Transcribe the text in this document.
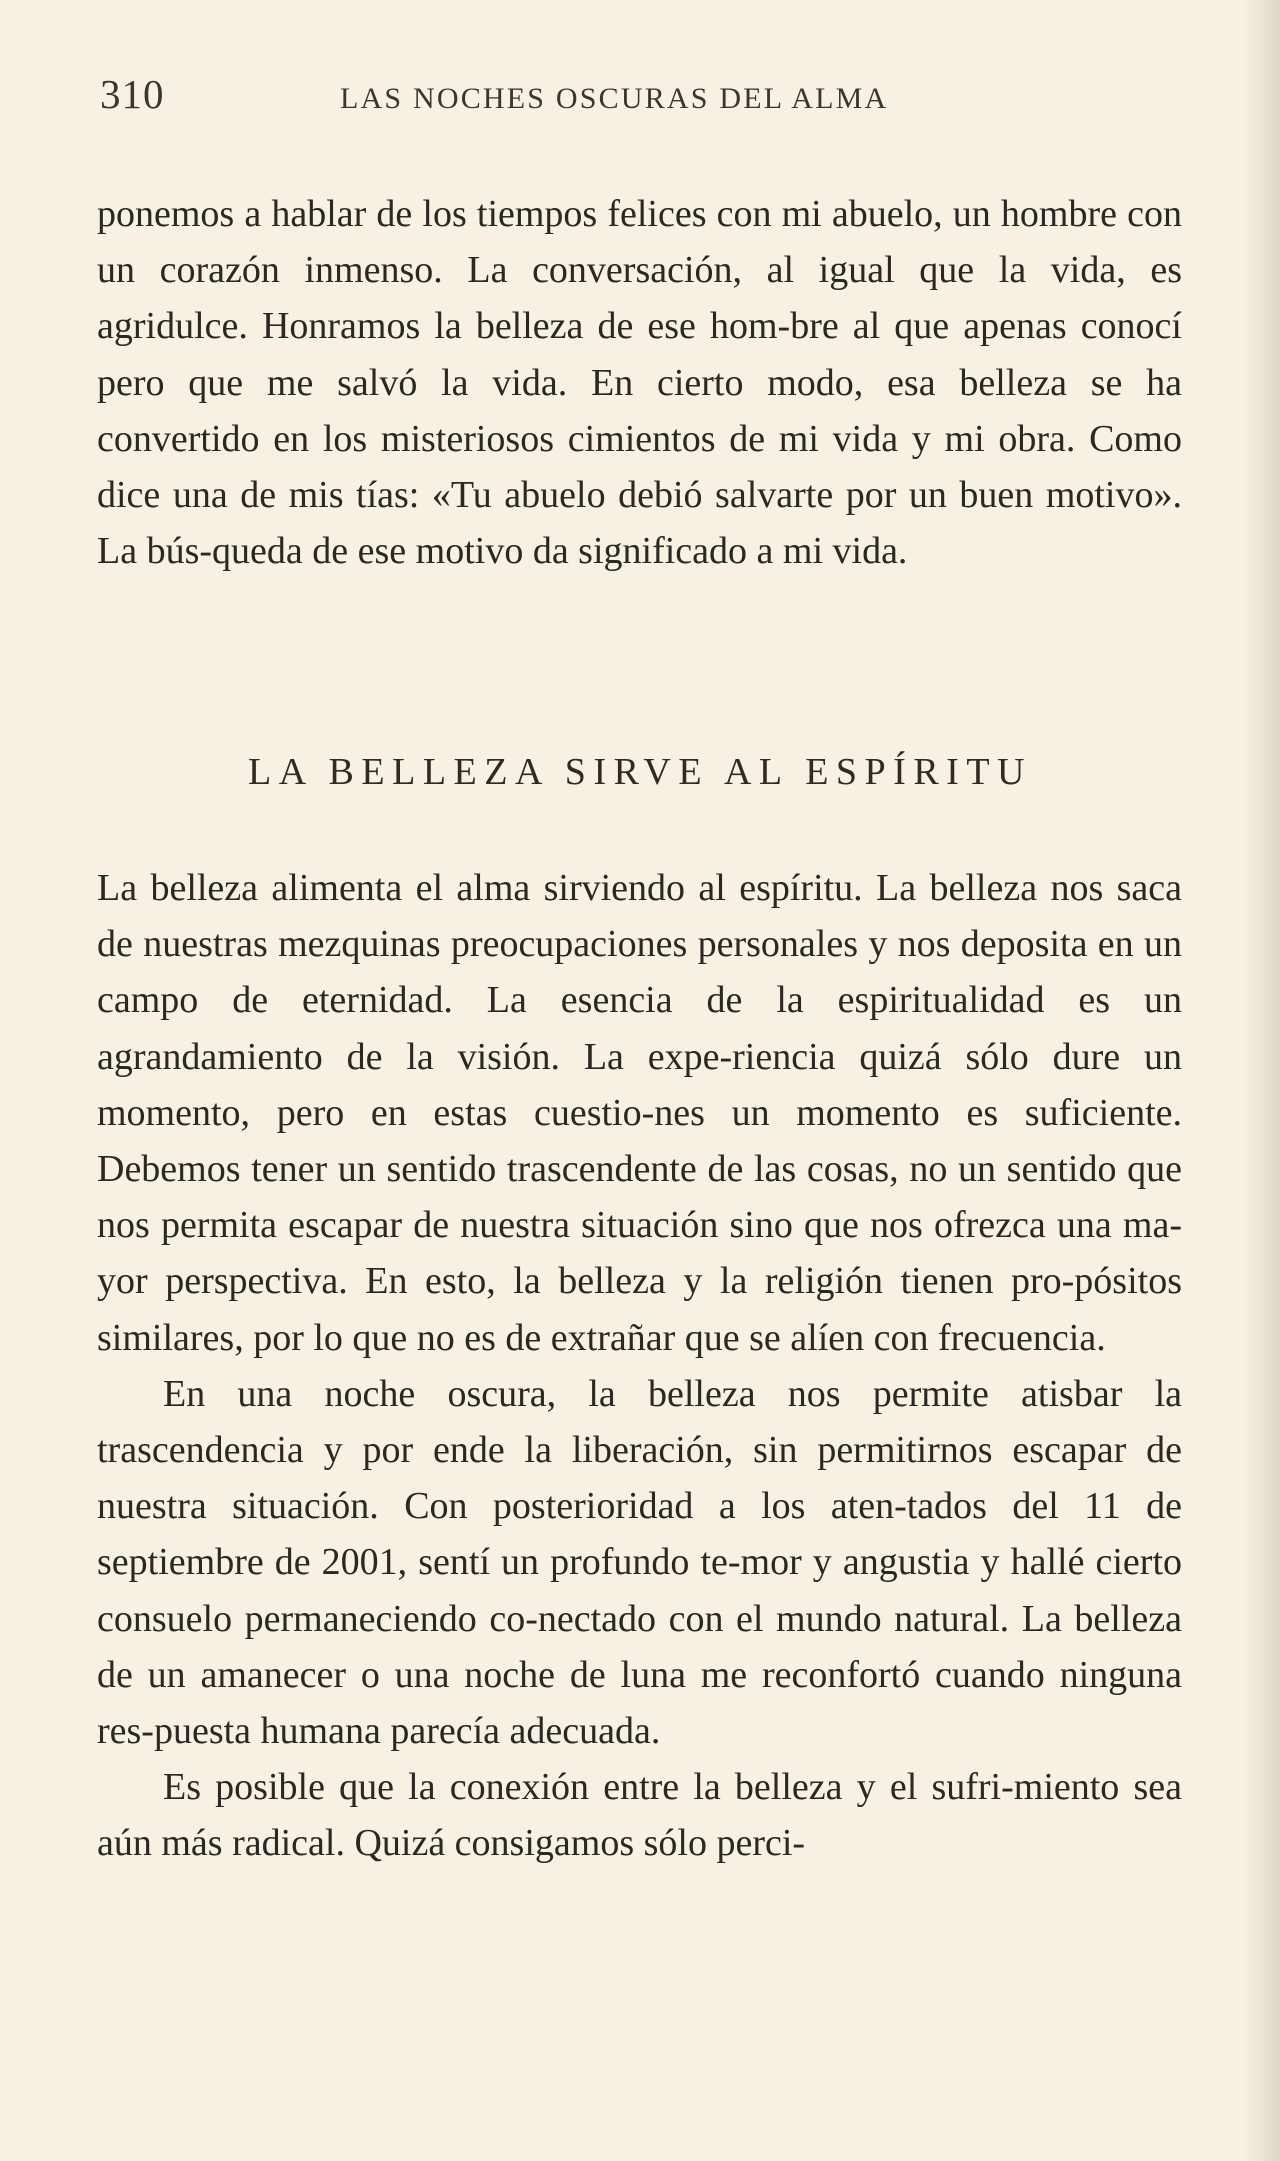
310	LAS NOCHES OSCURAS DEL ALMA

ponemos a hablar de los tiempos felices con mi abuelo, un hombre con un corazón inmenso. La conversación, al igual que la vida, es agridulce. Honramos la belleza de ese hom-bre al que apenas conocí pero que me salvó la vida. En cierto modo, esa belleza se ha convertido en los misteriosos cimientos de mi vida y mi obra. Como dice una de mis tías: «Tu abuelo debió salvarte por un buen motivo». La bús-queda de ese motivo da significado a mi vida.

LA BELLEZA SIRVE AL ESPÍRITU

La belleza alimenta el alma sirviendo al espíritu. La belleza nos saca de nuestras mezquinas preocupaciones personales y nos deposita en un campo de eternidad. La esencia de la espiritualidad es un agrandamiento de la visión. La expe-riencia quizá sólo dure un momento, pero en estas cuestio-nes un momento es suficiente. Debemos tener un sentido trascendente de las cosas, no un sentido que nos permita escapar de nuestra situación sino que nos ofrezca una ma-yor perspectiva. En esto, la belleza y la religión tienen pro-pósitos similares, por lo que no es de extrañar que se alíen con frecuencia.

En una noche oscura, la belleza nos permite atisbar la trascendencia y por ende la liberación, sin permitirnos escapar de nuestra situación. Con posterioridad a los aten-tados del 11 de septiembre de 2001, sentí un profundo te-mor y angustia y hallé cierto consuelo permaneciendo co-nectado con el mundo natural. La belleza de un amanecer o una noche de luna me reconfortó cuando ninguna res-puesta humana parecía adecuada.

Es posible que la conexión entre la belleza y el sufri-miento sea aún más radical. Quizá consigamos sólo perci-
